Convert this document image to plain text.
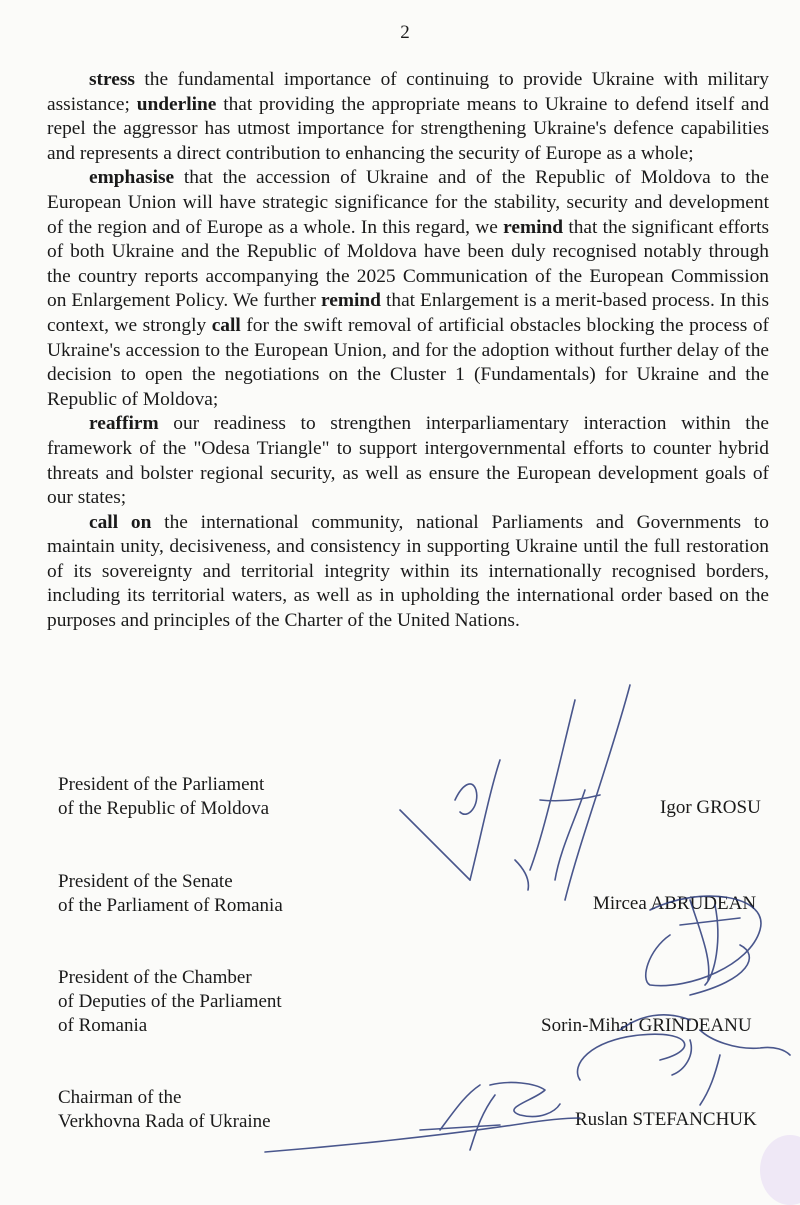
2

stress the fundamental importance of continuing to provide Ukraine with military assistance; underline that providing the appropriate means to Ukraine to defend itself and repel the aggressor has utmost importance for strengthening Ukraine's defence capabilities and represents a direct contribution to enhancing the security of Europe as a whole;

emphasise that the accession of Ukraine and of the Republic of Moldova to the European Union will have strategic significance for the stability, security and development of the region and of Europe as a whole. In this regard, we remind that the significant efforts of both Ukraine and the Republic of Moldova have been duly recognised notably through the country reports accompanying the 2025 Communication of the European Commission on Enlargement Policy. We further remind that Enlargement is a merit-based process. In this context, we strongly call for the swift removal of artificial obstacles blocking the process of Ukraine's accession to the European Union, and for the adoption without further delay of the decision to open the negotiations on the Cluster 1 (Fundamentals) for Ukraine and the Republic of Moldova;

reaffirm our readiness to strengthen interparliamentary interaction within the framework of the "Odesa Triangle" to support intergovernmental efforts to counter hybrid threats and bolster regional security, as well as ensure the European development goals of our states;

call on the international community, national Parliaments and Governments to maintain unity, decisiveness, and consistency in supporting Ukraine until the full restoration of its sovereignty and territorial integrity within its internationally recognised borders, including its territorial waters, as well as in upholding the international order based on the purposes and principles of the Charter of the United Nations.

President of the Parliament
of the Republic of Moldova	Igor GROSU
President of the Senate
of the Parliament of Romania	Mircea ABRUDEAN
President of the Chamber
of Deputies of the Parliament
of Romania	Sorin-Mihai GRINDEANU
Chairman of the
Verkhovna Rada of Ukraine	Ruslan STEFANCHUK
